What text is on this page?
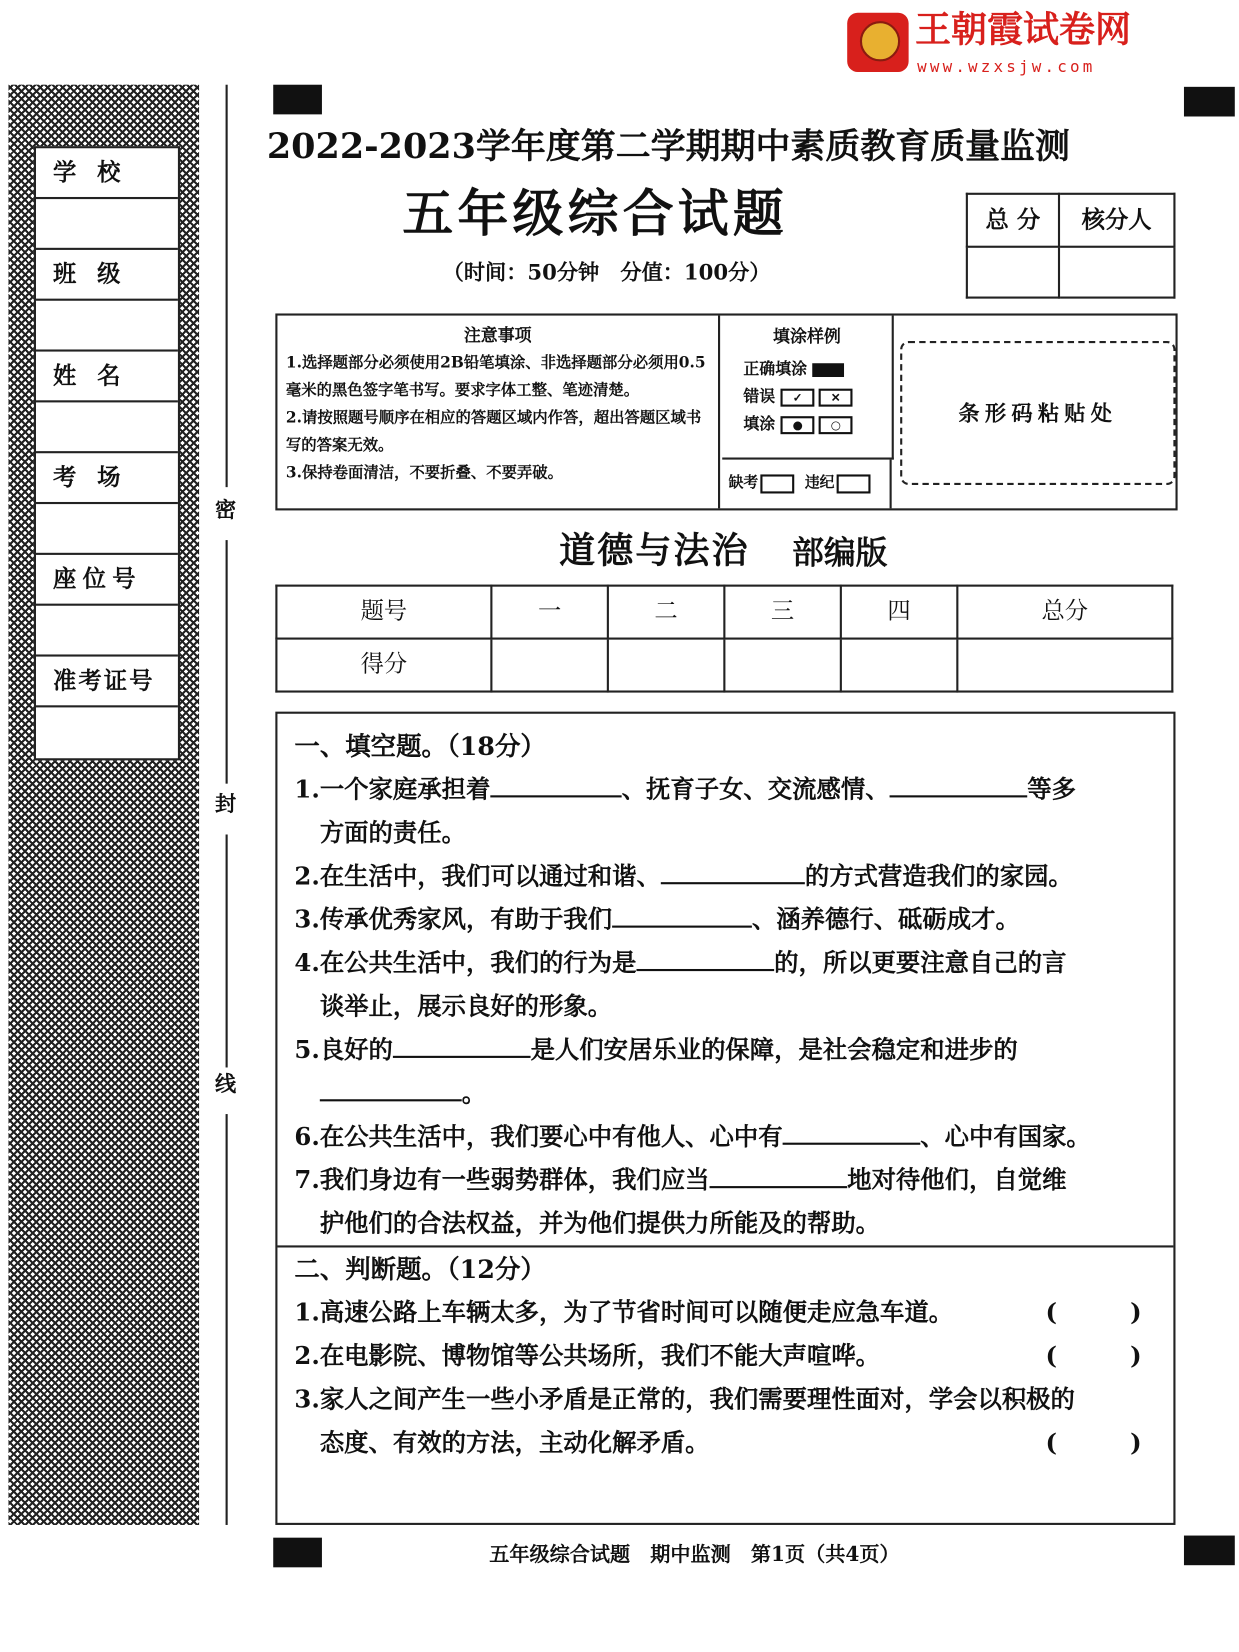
王朝霞试卷网
www.wzxsjw.com
学 校
班 级
姓 名
考 场
座位号
准考证号
密
封
线
2022-2023学年度第二学期期中素质教育质量监测
五年级综合试题
（时间：50分钟　分值：100分）
总 分	核分人

注意事项
1.选择题部分必须使用2B铅笔填涂、非选择题部分必须用0.5毫米的黑色签字笔书写。要求字体工整、笔迹清楚。
2.请按照题号顺序在相应的答题区域内作答，超出答题区域书写的答案无效。
3.保持卷面清洁，不要折叠、不要弄破。
填涂样例
正确填涂
错误 ✓	✕
填涂 ●	○
缺考	违纪
条形码粘贴处
道德与法治 部编版
题号	一	二	三	四	总分
得分					
一、填空题。（18分）
1.一个家庭承担着	、抚育子女、交流感情、	等多
方面的责任。
2.在生活中，我们可以通过和谐、	的方式营造我们的家园。
3.传承优秀家风，有助于我们	、涵养德行、砥砺成才。
4.在公共生活中，我们的行为是	的，所以更要注意自己的言
谈举止，展示良好的形象。
5.良好的	是人们安居乐业的保障，是社会稳定和进步的
。
6.在公共生活中，我们要心中有他人、心中有	、心中有国家。
7.我们身边有一些弱势群体，我们应当	地对待他们，自觉维
护他们的合法权益，并为他们提供力所能及的帮助。
二、判断题。（12分）
1.高速公路上车辆太多，为了节省时间可以随便走应急车道。	(　　　)
2.在电影院、博物馆等公共场所，我们不能大声喧哗。	(　　　)
3.家人之间产生一些小矛盾是正常的，我们需要理性面对，学会以积极的
态度、有效的方法，主动化解矛盾。	(　　　)
五年级综合试题　期中监测　第1页（共4页）
